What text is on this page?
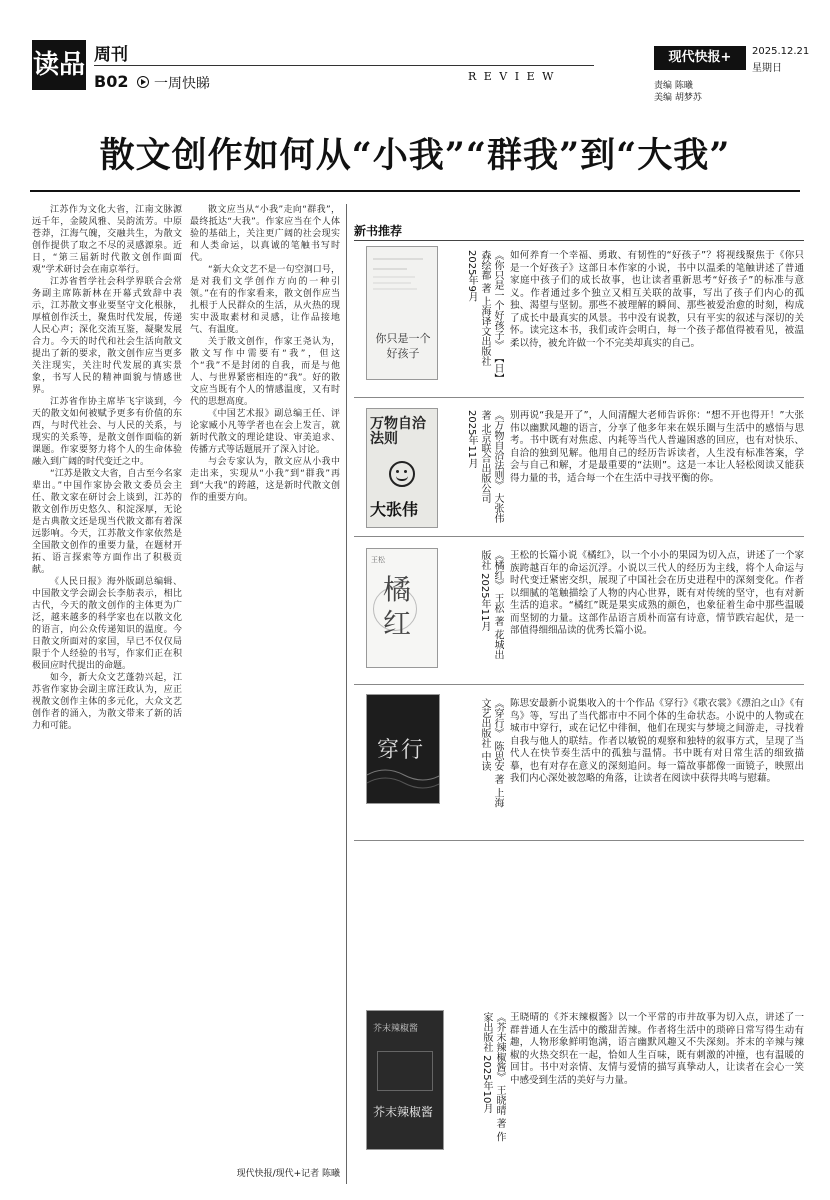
读品 周刊
B02 一周快睇	R E V I E W
现代快报+	2025.12.21
星期日
责编 陈曦
美编 胡梦苏
散文创作如何从“小我”“群我”到“大我”

江苏作为文化大省，江南文脉源远千年，金陵风雅、吴韵流芳。中原苍莽，江海气魄，交融共生，为散文创作提供了取之不尽的灵感源泉。近日，“第三届新时代散文创作面面观”学术研讨会在南京举行。

江苏省哲学社会科学界联合会常务副主席陈新林在开幕式致辞中表示，江苏散文事业要坚守文化根脉，厚植创作沃土，聚焦时代发展，传递人民心声；深化交流互鉴，凝聚发展合力。今天的时代和社会生活向散文提出了新的要求，散文创作应当更多关注现实，关注时代发展的真实景象，书写人民的精神面貌与情感世界。

江苏省作协主席毕飞宇谈到，今天的散文如何被赋予更多有价值的东西，与时代社会、与人民的关系，与现实的关系等，是散文创作面临的新课题。作家要努力将个人的生命体验融入到广阔的时代变迁之中。

“江苏是散文大省，自古至今名家辈出。”中国作家协会散文委员会主任、散文家在研讨会上谈到，江苏的散文创作历史悠久、积淀深厚，无论是古典散文还是现当代散文都有着深远影响。今天，江苏散文作家依然是全国散文创作的重要力量，在题材开拓、语言探索等方面作出了积极贡献。

《人民日报》海外版副总编辑、中国散文学会副会长李舫表示，相比古代，今天的散文创作的主体更为广泛，越来越多的科学家也在以散文化的语言，向公众传递知识的温度。今日散文所面对的家国，早已不仅仅局限于个人经验的书写，作家们正在积极回应时代提出的命题。

如今，新大众文艺蓬勃兴起，江苏省作家协会副主席汪政认为，应正视散文创作主体的多元化，大众文艺创作者的涌入，为散文带来了新的活力和可能。

散文应当从“小我”走向“群我”，最终抵达“大我”。作家应当在个人体验的基础上，关注更广阔的社会现实和人类命运，以真诚的笔触书写时代。

“新大众文艺不是一句空洞口号，是对我们文学创作方向的一种引领。”在有的作家看来，散文创作应当扎根于人民群众的生活，从火热的现实中汲取素材和灵感，让作品接地气、有温度。

关于散文创作，作家王尧认为，散文写作中需要有“我”，但这个“我”不是封闭的自我，而是与他人、与世界紧密相连的“我”。好的散文应当既有个人的情感温度，又有时代的思想高度。

《中国艺术报》副总编王任、评论家臧小凡等学者也在会上发言，就新时代散文的理论建设、审美追求、传播方式等话题展开了深入讨论。

与会专家认为，散文应从小我中走出来，实现从“小我”到“群我”再到“大我”的跨越，这是新时代散文创作的重要方向。

现代快报/现代+记者 陈曦
新书推荐
你只是一个好孩子	《你只是一个好孩子》 【日】森绘都 著 上海译文出版社 2025年9月	如何养育一个幸福、勇敢、有韧性的“好孩子”？将视线聚焦于《你只是一个好孩子》这部日本作家的小说，书中以温柔的笔触讲述了普通家庭中孩子们的成长故事，也让读者重新思考“好孩子”的标准与意义。作者通过多个独立又相互关联的故事，写出了孩子们内心的孤独、渴望与坚韧。那些不被理解的瞬间、那些被爱治愈的时刻，构成了成长中最真实的风景。书中没有说教，只有平实的叙述与深切的关怀。读完这本书，我们或许会明白，每一个孩子都值得被看见，被温柔以待，被允许做一个不完美却真实的自己。
万物自洽法则
大张伟	《万物自洽法则》 大张伟 著 北京联合出版公司 2025年11月	别再说“我是开了”，人间清醒大老师告诉你：“想不开也得开！”大张伟以幽默风趣的语言，分享了他多年来在娱乐圈与生活中的感悟与思考。书中既有对焦虑、内耗等当代人普遍困惑的回应，也有对快乐、自洽的独到见解。他用自己的经历告诉读者，人生没有标准答案，学会与自己和解，才是最重要的“法则”。这是一本让人轻松阅读又能获得力量的书，适合每一个在生活中寻找平衡的你。
王松
橘红	《橘红》 王松 著 花城出版社 2025年11月	王松的长篇小说《橘红》，以一个小小的果园为切入点，讲述了一个家族跨越百年的命运沉浮。小说以三代人的经历为主线，将个人命运与时代变迁紧密交织，展现了中国社会在历史进程中的深刻变化。作者以细腻的笔触描绘了人物的内心世界，既有对传统的坚守，也有对新生活的追求。“橘红”既是果实成熟的颜色，也象征着生命中那些温暖而坚韧的力量。这部作品语言质朴而富有诗意，情节跌宕起伏，是一部值得细细品读的优秀长篇小说。
穿行	《穿行》 陈思安 著 上海文艺出版社 中读	陈思安最新小说集收入的十个作品《穿行》《歌衣裳》《漂泊之山》《有鸟》等，写出了当代都市中不同个体的生命状态。小说中的人物或在城市中穿行，或在记忆中徘徊，他们在现实与梦境之间游走，寻找着自我与他人的联结。作者以敏锐的观察和独特的叙事方式，呈现了当代人在快节奏生活中的孤独与温情。书中既有对日常生活的细致描摹，也有对存在意义的深刻追问。每一篇故事都像一面镜子，映照出我们内心深处被忽略的角落，让读者在阅读中获得共鸣与慰藉。
芥末辣椒酱
芥末辣椒酱	《芥末辣椒酱》 王晓晴 著 作家出版社 2025年10月	王晓晴的《芥末辣椒酱》以一个平常的市井故事为切入点，讲述了一群普通人在生活中的酸甜苦辣。作者将生活中的琐碎日常写得生动有趣，人物形象鲜明饱满，语言幽默风趣又不失深刻。芥末的辛辣与辣椒的火热交织在一起，恰如人生百味，既有刺激的冲撞，也有温暖的回甘。书中对亲情、友情与爱情的描写真挚动人，让读者在会心一笑中感受到生活的美好与力量。
